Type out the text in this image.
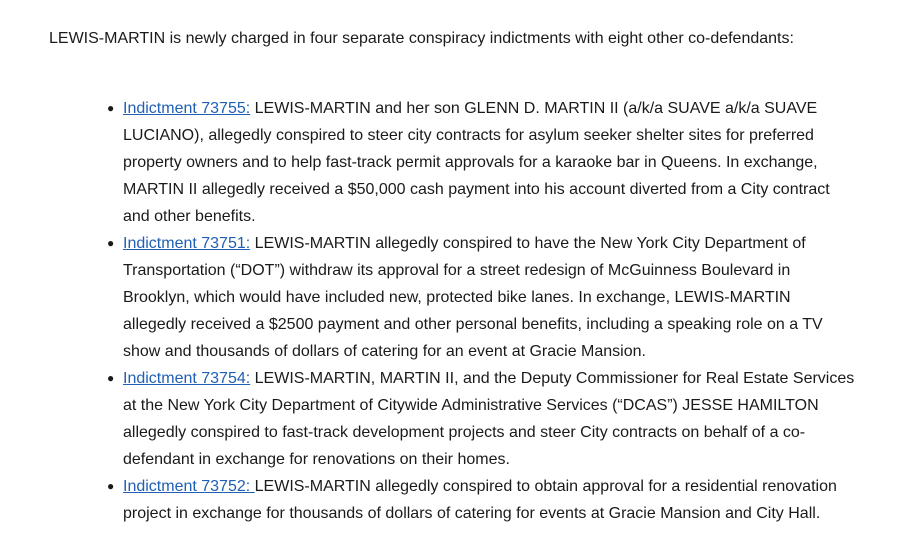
LEWIS-MARTIN is newly charged in four separate conspiracy indictments with eight other co-defendants:

● Indictment 73755: LEWIS-MARTIN and her son GLENN D. MARTIN II (a/k/a SUAVE a/k/a SUAVE LUCIANO), allegedly conspired to steer city contracts for asylum seeker shelter sites for preferred property owners and to help fast-track permit approvals for a karaoke bar in Queens. In exchange, MARTIN II allegedly received a $50,000 cash payment into his account diverted from a City contract and other benefits.
● Indictment 73751: LEWIS-MARTIN allegedly conspired to have the New York City Department of Transportation (“DOT”) withdraw its approval for a street redesign of McGuinness Boulevard in Brooklyn, which would have included new, protected bike lanes. In exchange, LEWIS-MARTIN allegedly received a $2500 payment and other personal benefits, including a speaking role on a TV show and thousands of dollars of catering for an event at Gracie Mansion.
● Indictment 73754: LEWIS-MARTIN, MARTIN II, and the Deputy Commissioner for Real Estate Services at the New York City Department of Citywide Administrative Services (“DCAS”) JESSE HAMILTON allegedly conspired to fast-track development projects and steer City contracts on behalf of a co-defendant in exchange for renovations on their homes.
● Indictment 73752: LEWIS-MARTIN allegedly conspired to obtain approval for a residential renovation project in exchange for thousands of dollars of catering for events at Gracie Mansion and City Hall.
